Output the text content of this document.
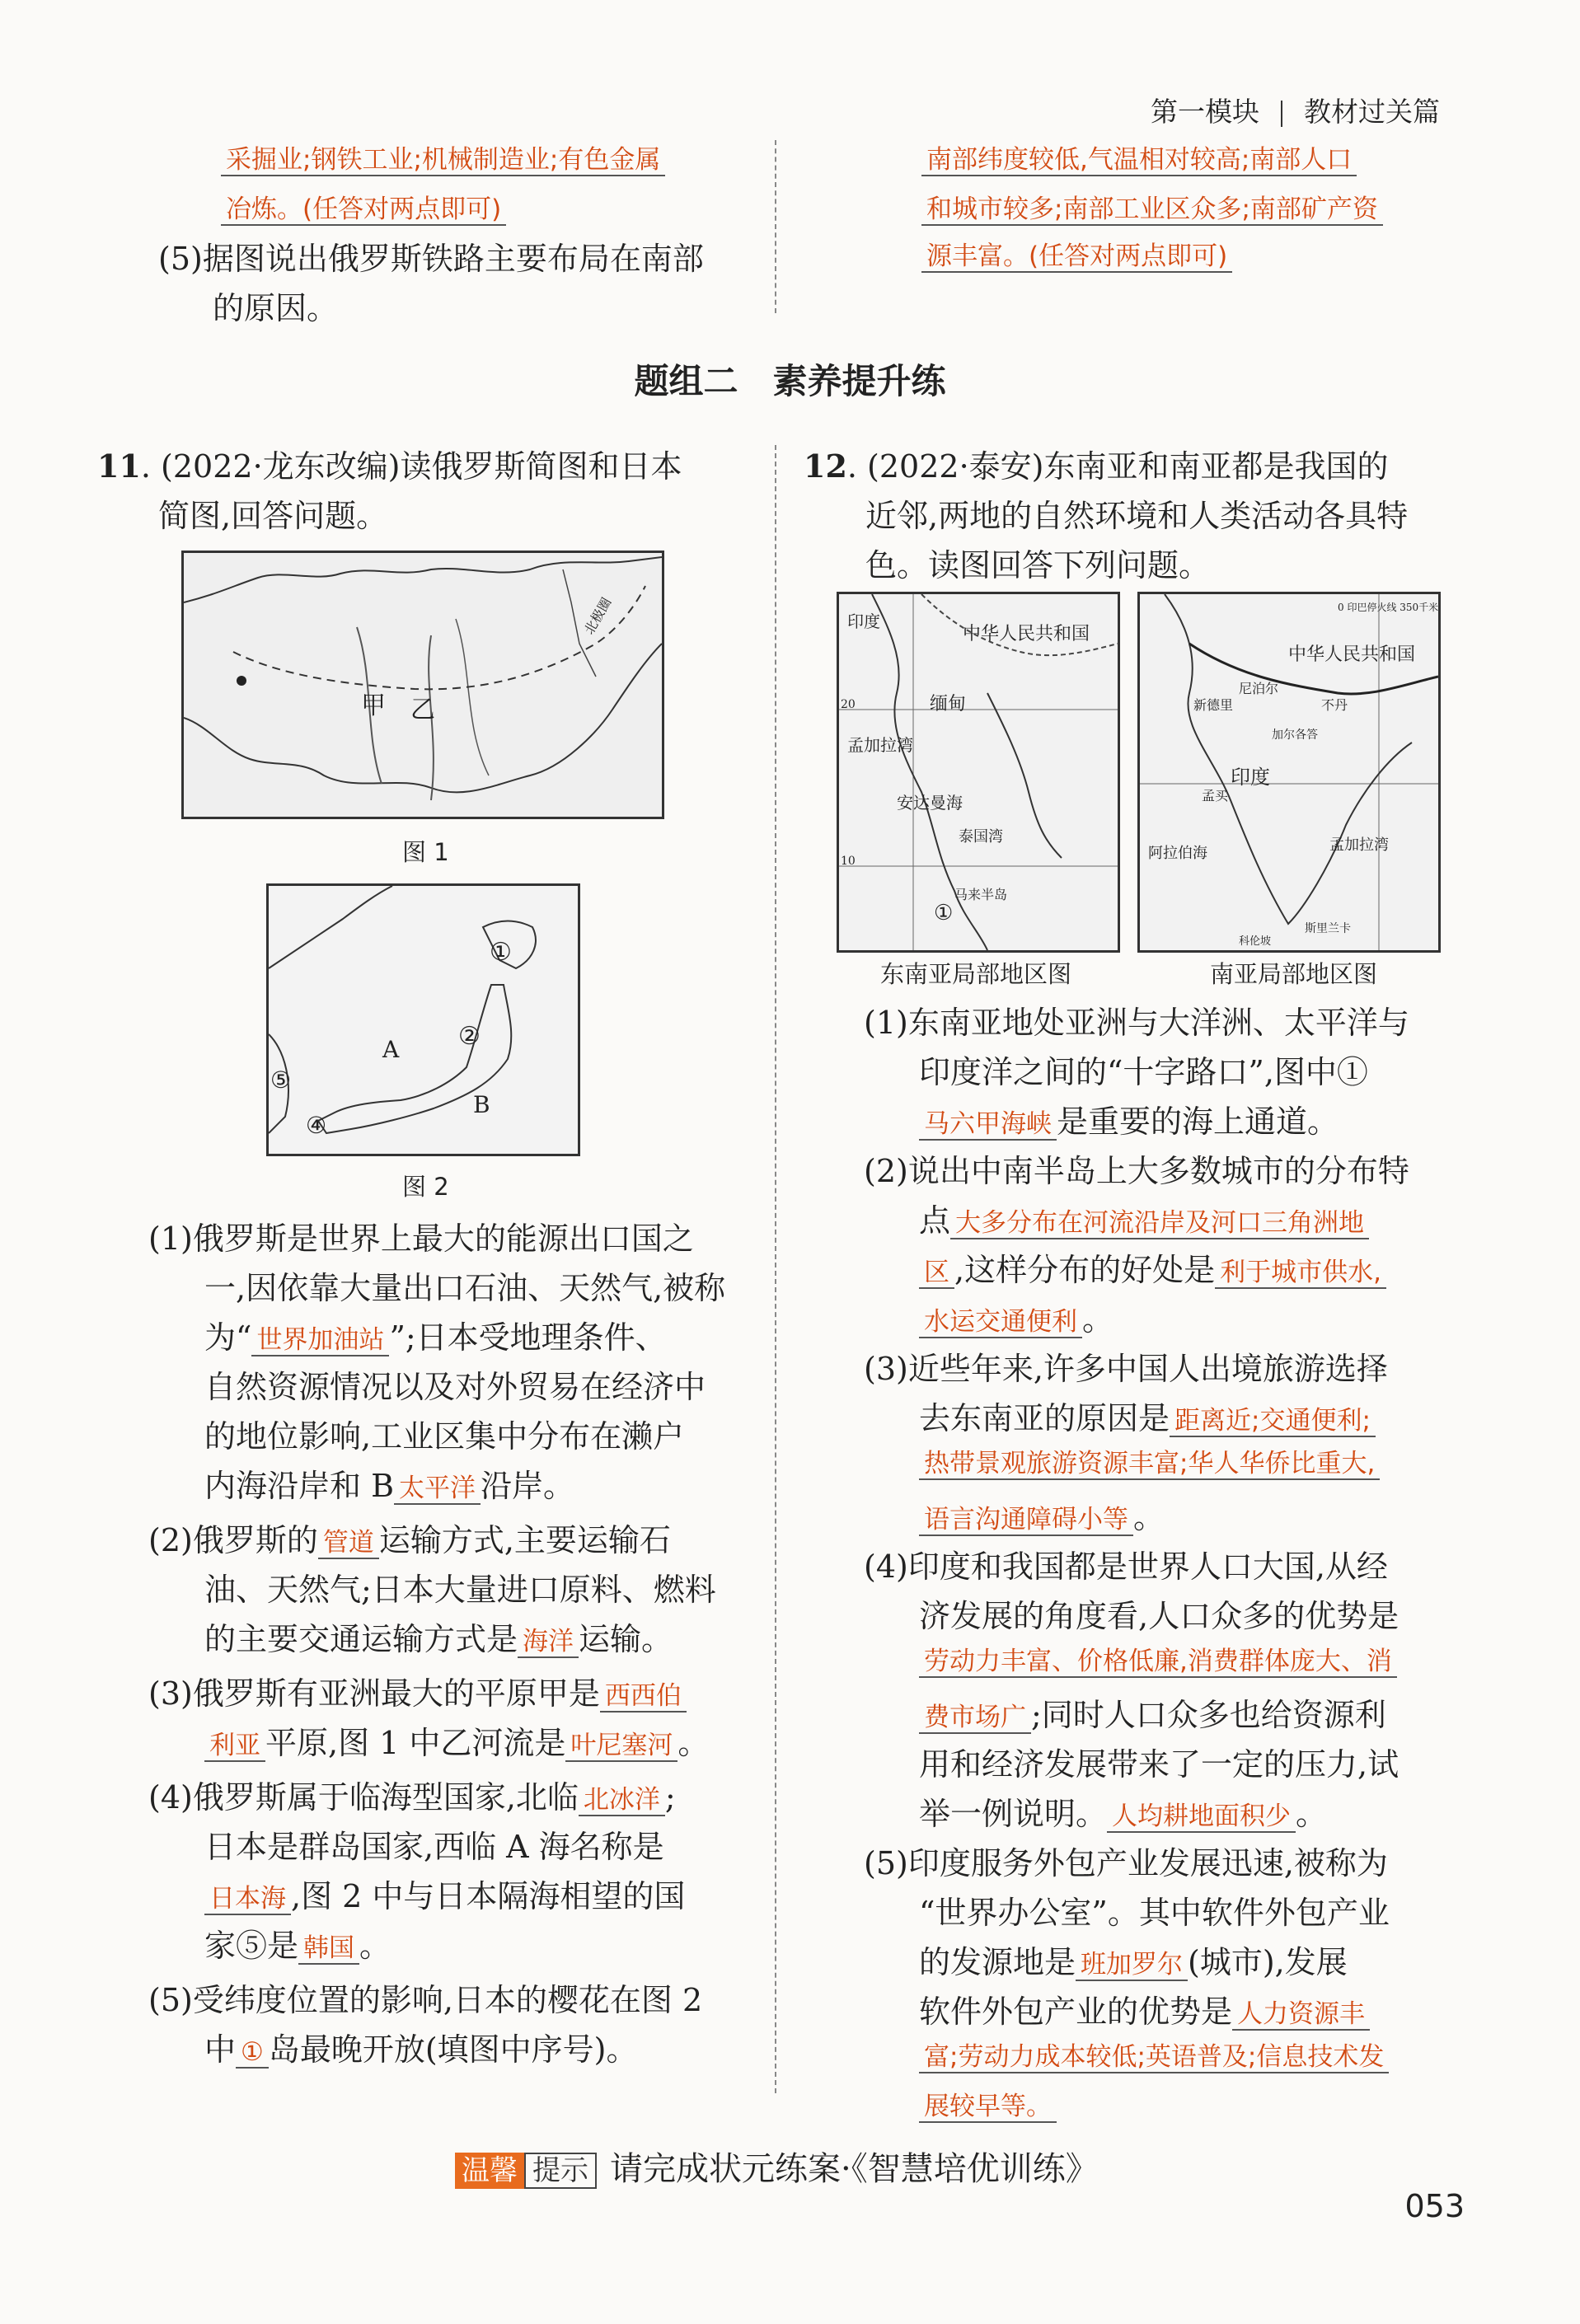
第一模块 教材过关篇
采掘业;钢铁工业;机械制造业;有色金属
冶炼。(任答对两点即可)
(5)据图说出俄罗斯铁路主要布局在南部
的原因。
南部纬度较低,气温相对较高;南部人口
和城市较多;南部工业区众多;南部矿产资
源丰富。(任答对两点即可)
题组二　素养提升练
11. (2022·龙东改编)读俄罗斯简图和日本
简图,回答问题。
甲 乙
北极圈
图 1
①
②
④
⑤
A
B
图 2
(1)俄罗斯是世界上最大的能源出口国之
一,因依靠大量出口石油、天然气,被称
为“ 世界加油站 ”;日本受地理条件、
自然资源情况以及对外贸易在经济中
的地位影响,工业区集中分布在濑户
内海沿岸和 B 太平洋 沿岸。
(2)俄罗斯的 管道 运输方式,主要运输石
油、天然气;日本大量进口原料、燃料
的主要交通运输方式是 海洋 运输。
(3)俄罗斯有亚洲最大的平原甲是 西西伯
利亚 平原,图 1 中乙河流是 叶尼塞河 。
(4)俄罗斯属于临海型国家,北临 北冰洋 ;
日本是群岛国家,西临 A 海名称是
日本海 ,图 2 中与日本隔海相望的国
家⑤是 韩国 。
(5)受纬度位置的影响,日本的樱花在图 2
中 ① 岛最晚开放(填图中序号)。
12. (2022·泰安)东南亚和南亚都是我国的
近邻,两地的自然环境和人类活动各具特
色。读图回答下列问题。
印度
中华人民共和国
缅甸
孟加拉湾
安达曼海
泰国湾
马来半岛
①
20
10
东南亚局部地区图
0 印巴停火线 350千米
中华人民共和国
新德里
尼泊尔
不丹
加尔各答
印度
孟买
阿拉伯海	孟加拉湾
科伦坡
斯里兰卡
南亚局部地区图
(1)东南亚地处亚洲与大洋洲、太平洋与
印度洋之间的“十字路口”,图中①
马六甲海峡 是重要的海上通道。
(2)说出中南半岛上大多数城市的分布特
点 大多分布在河流沿岸及河口三角洲地
区 ,这样分布的好处是 利于城市供水,
水运交通便利 。
(3)近些年来,许多中国人出境旅游选择
去东南亚的原因是 距离近;交通便利;
热带景观旅游资源丰富;华人华侨比重大,
语言沟通障碍小等 。
(4)印度和我国都是世界人口大国,从经
济发展的角度看,人口众多的优势是
劳动力丰富、价格低廉,消费群体庞大、消
费市场广 ;同时人口众多也给资源利
用和经济发展带来了一定的压力,试
举一例说明。 人均耕地面积少 。
(5)印度服务外包产业发展迅速,被称为
“世界办公室”。其中软件外包产业
的发源地是 班加罗尔 (城市),发展
软件外包产业的优势是 人力资源丰
富;劳动力成本较低;英语普及;信息技术发
展较早等。
温馨 提示 请完成状元练案·《智慧培优训练》
053
